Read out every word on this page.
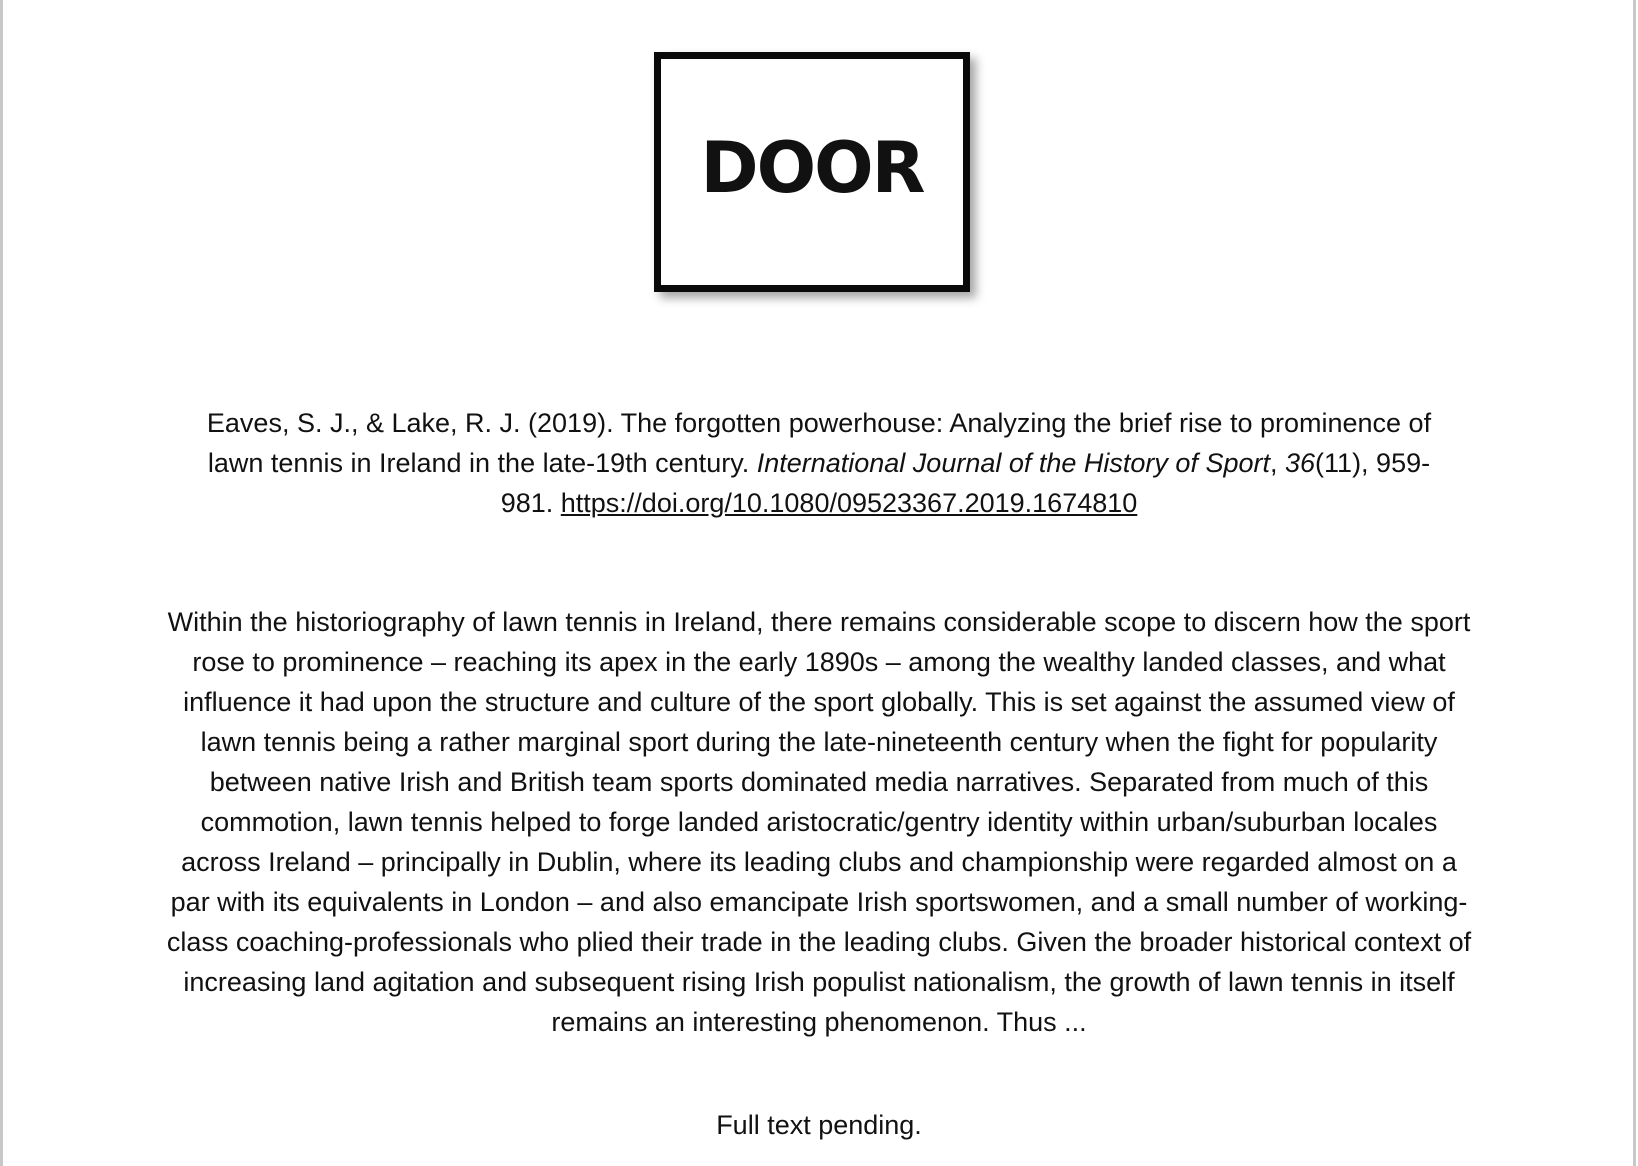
DOOR
Eaves, S. J., & Lake, R. J. (2019). The forgotten powerhouse: Analyzing the brief rise to prominence of lawn tennis in Ireland in the late-19th century. International Journal of the History of Sport, 36(11), 959-981. https://doi.org/10.1080/09523367.2019.1674810
Within the historiography of lawn tennis in Ireland, there remains considerable scope to discern how the sport rose to prominence – reaching its apex in the early 1890s – among the wealthy landed classes, and what influence it had upon the structure and culture of the sport globally. This is set against the assumed view of lawn tennis being a rather marginal sport during the late-nineteenth century when the fight for popularity between native Irish and British team sports dominated media narratives. Separated from much of this commotion, lawn tennis helped to forge landed aristocratic/gentry identity within urban/suburban locales across Ireland – principally in Dublin, where its leading clubs and championship were regarded almost on a par with its equivalents in London – and also emancipate Irish sportswomen, and a small number of working-class coaching-professionals who plied their trade in the leading clubs. Given the broader historical context of increasing land agitation and subsequent rising Irish populist nationalism, the growth of lawn tennis in itself remains an interesting phenomenon. Thus ...
Full text pending.
